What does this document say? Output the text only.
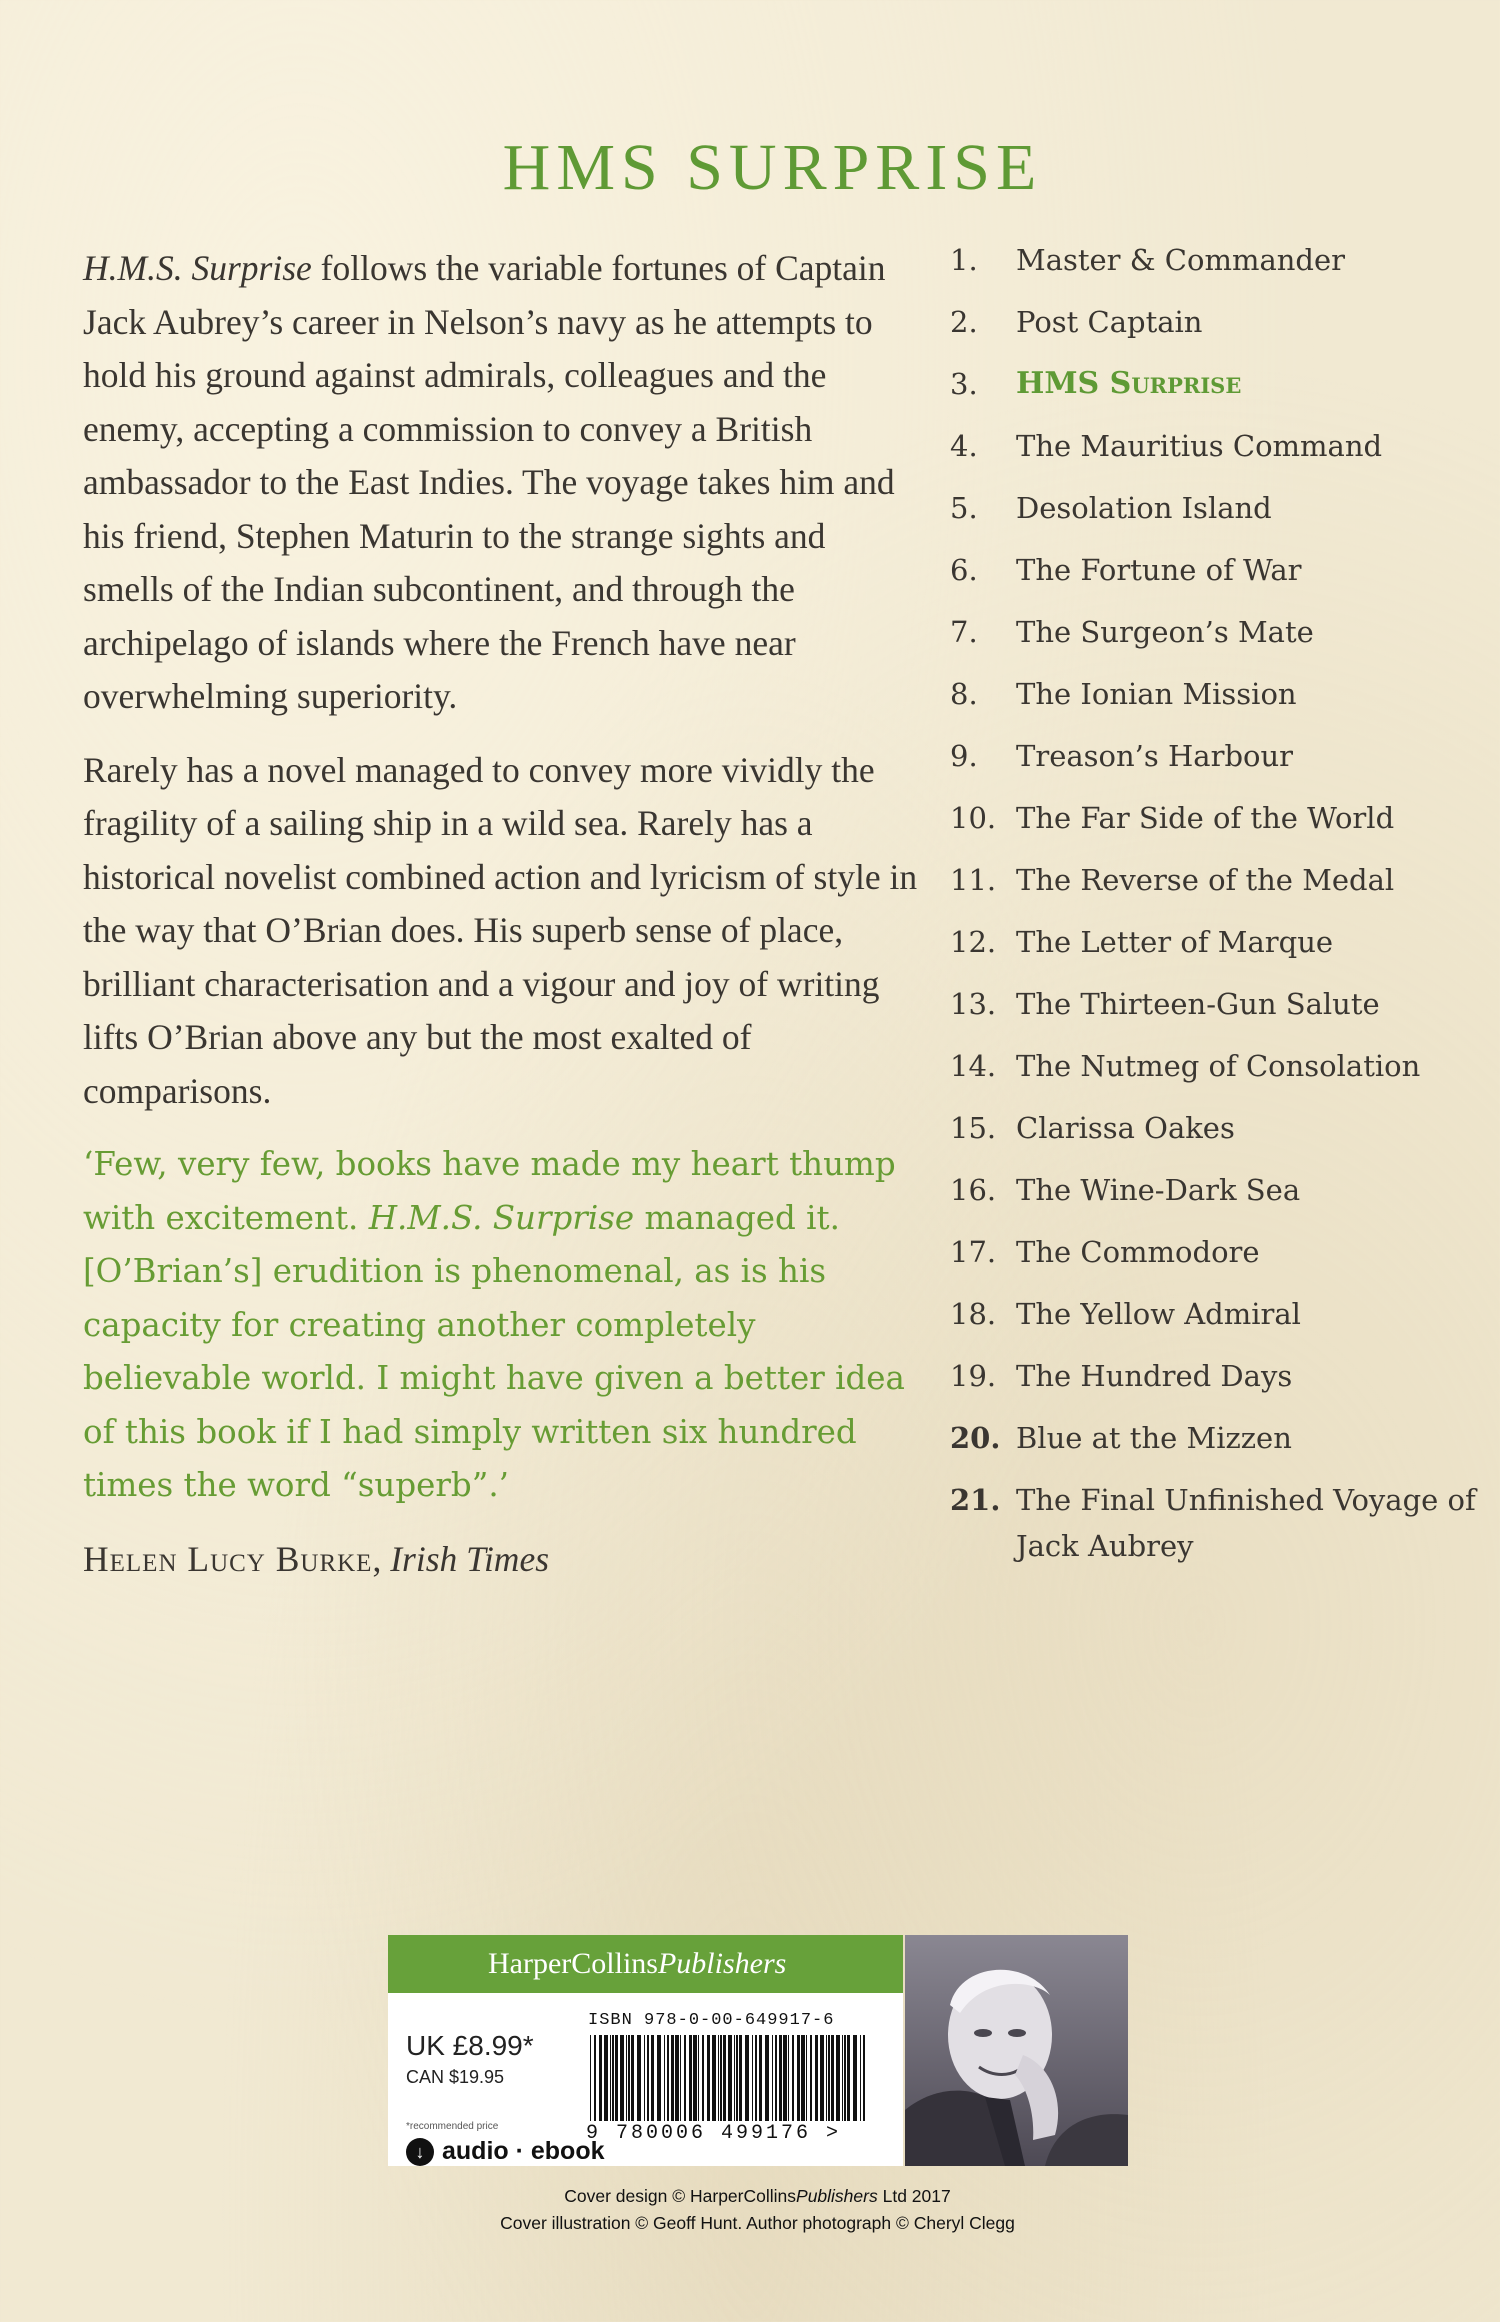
HMS SURPRISE

H.M.S. Surprise follows the variable fortunes of Captain Jack Aubrey’s career in Nelson’s navy as he attempts to hold his ground against admirals, colleagues and the enemy, accepting a commission to convey a British ambassador to the East Indies. The voyage takes him and his friend, Stephen Maturin to the strange sights and smells of the Indian subcontinent, and through the archipelago of islands where the French have near overwhelming superiority.

Rarely has a novel managed to convey more vividly the fragility of a sailing ship in a wild sea. Rarely has a historical novelist combined action and lyricism of style in the way that O’Brian does. His superb sense of place, brilliant characterisation and a vigour and joy of writing lifts O’Brian above any but the most exalted of comparisons.

‘Few, very few, books have made my heart thump with excitement. H.M.S. Surprise managed it. [O’Brian’s] erudition is phenomenal, as is his capacity for creating another completely believable world. I might have given a better idea of this book if I had simply written six hundred times the word “superb”.’

Helen Lucy Burke, Irish Times
1.	Master & Commander
2.	Post Captain
3.	HMS Surprise
4.	The Mauritius Command
5.	Desolation Island
6.	The Fortune of War
7.	The Surgeon’s Mate
8.	The Ionian Mission
9.	Treason’s Harbour
10. The Far Side of the World
11. The Reverse of the Medal
12. The Letter of Marque
13. The Thirteen-Gun Salute
14. The Nutmeg of Consolation
15. Clarissa Oakes
16. The Wine-Dark Sea
17. The Commodore
18. The Yellow Admiral
19. The Hundred Days
20. Blue at the Mizzen
21. The Final Unfinished Voyage of Jack Aubrey
HarperCollinsPublishers
UK £8.99*
CAN $19.95
*recommended price
ISBN 978-0-00-649917-6
9 780006 499176 >
↓ audio · ebook
Cover design © HarperCollinsPublishers Ltd 2017
Cover illustration © Geoff Hunt. Author photograph © Cheryl Clegg
